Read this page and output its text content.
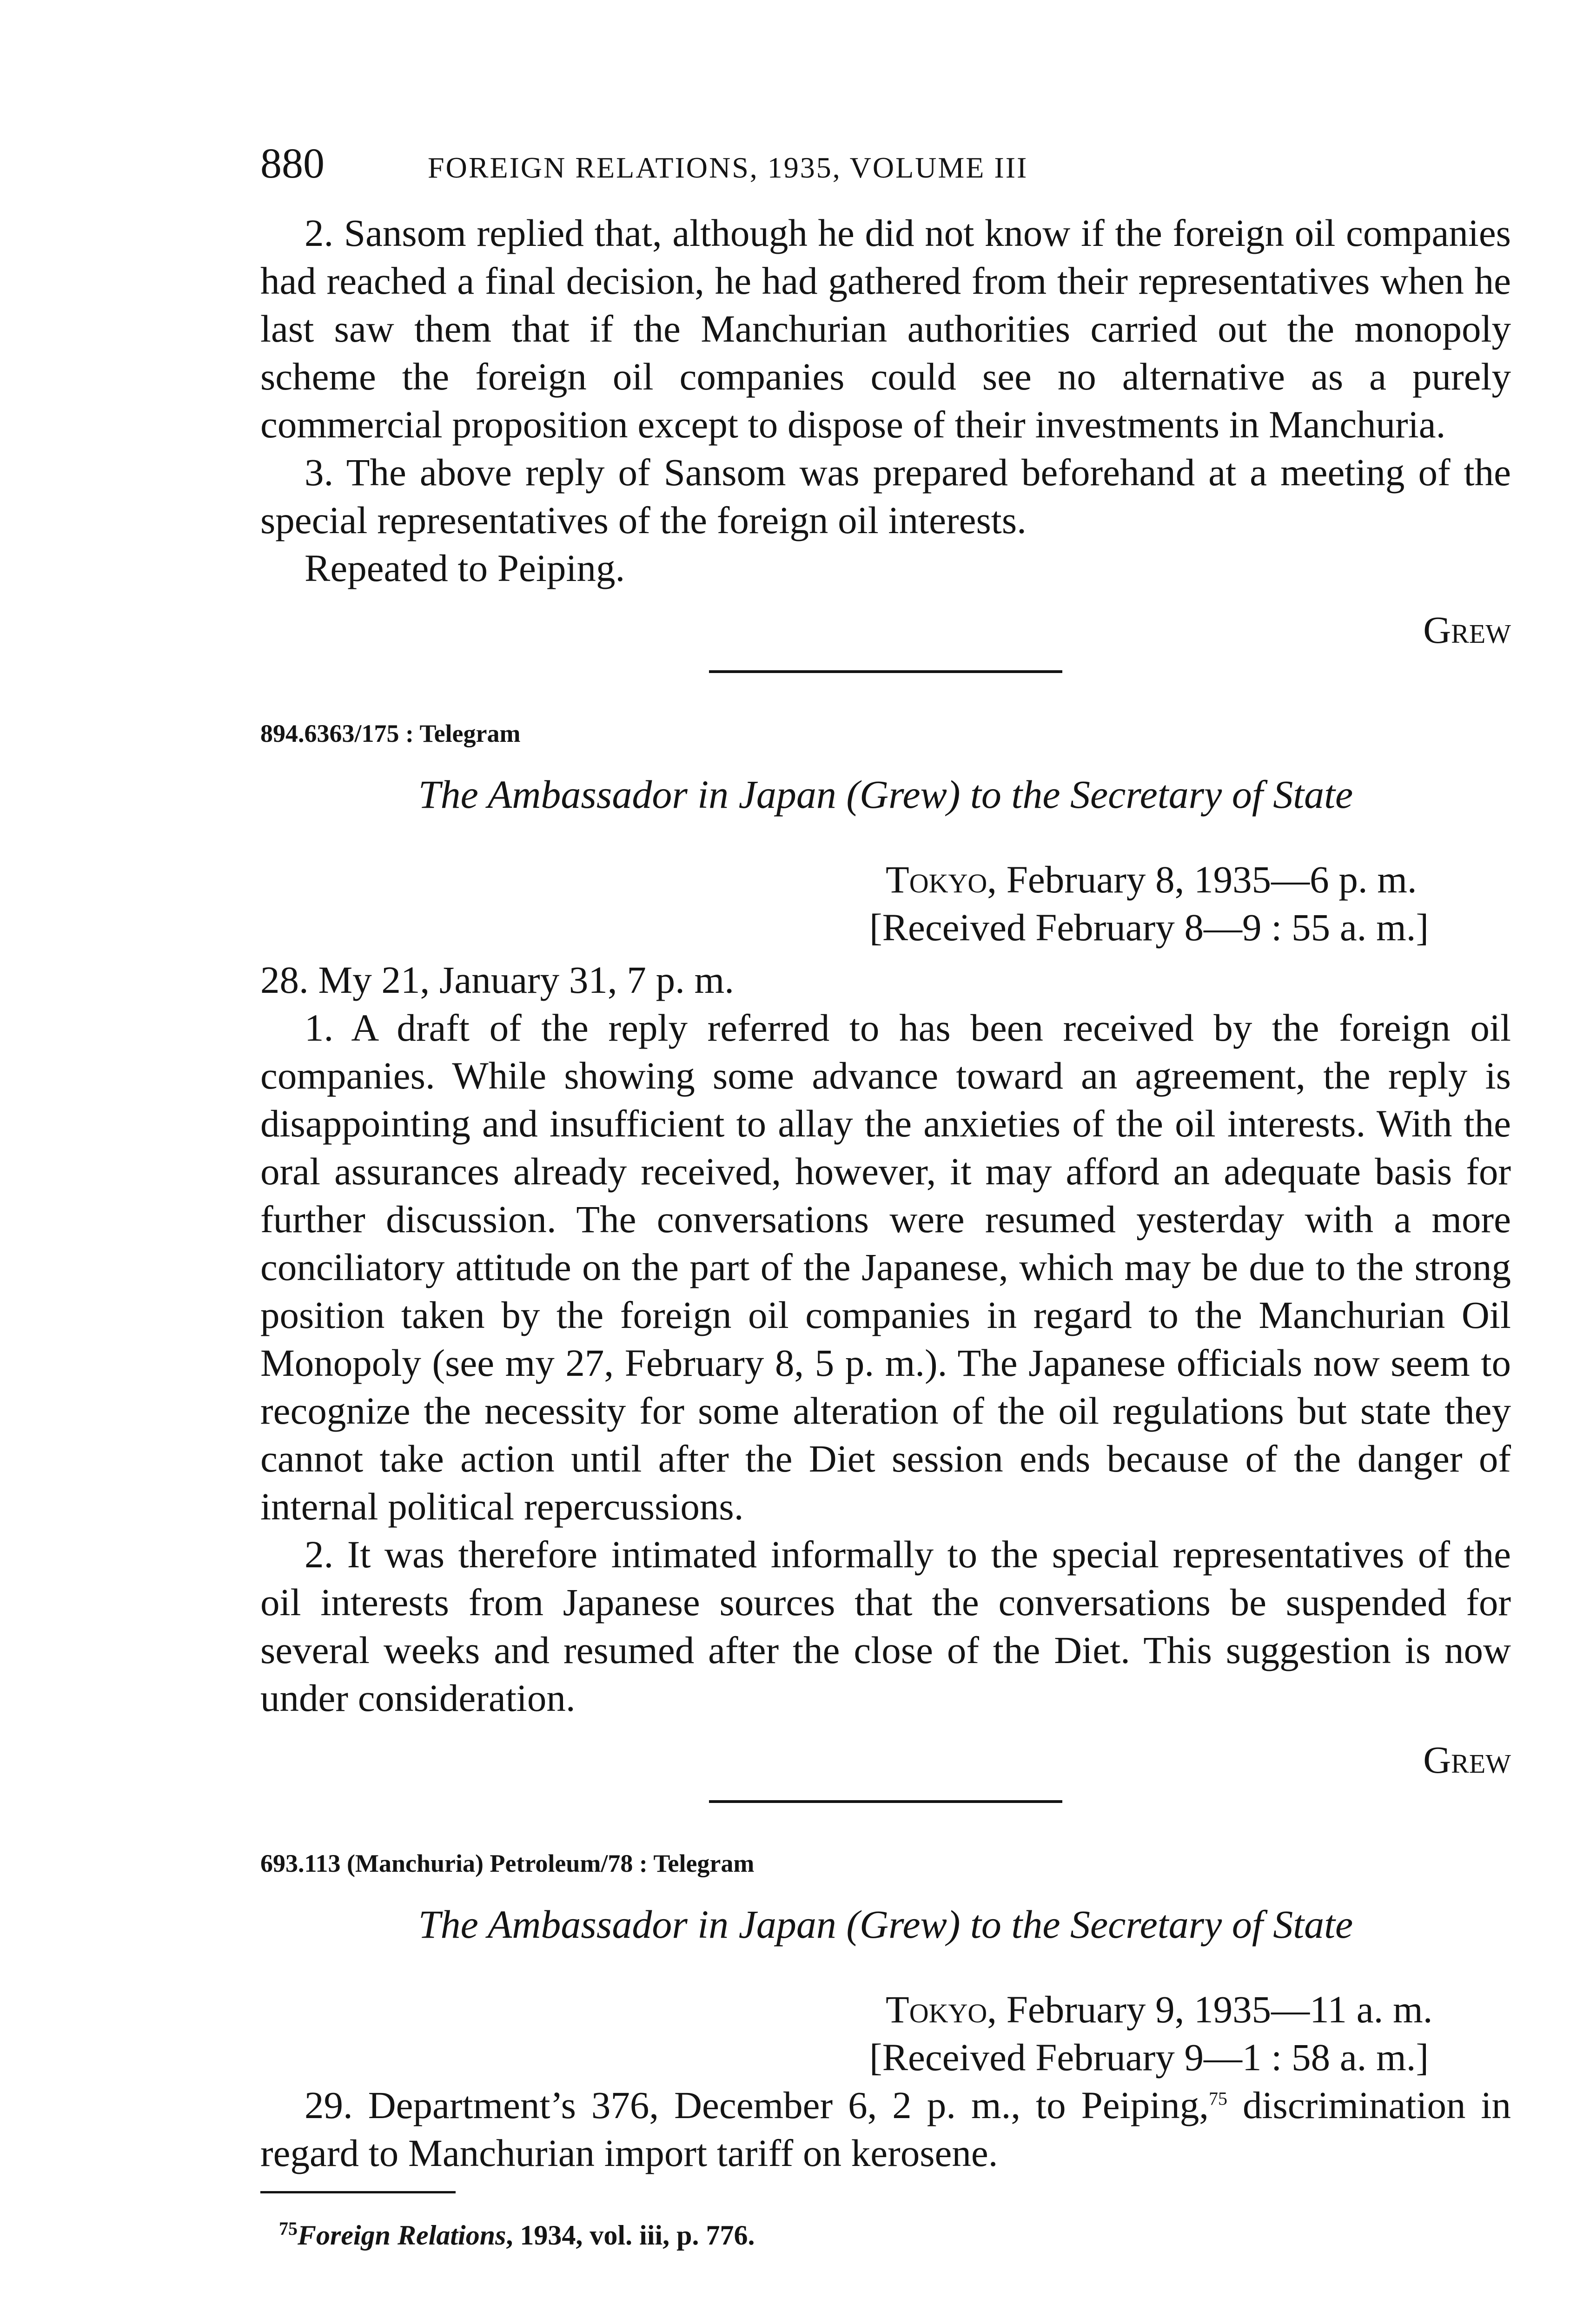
880	FOREIGN RELATIONS, 1935, VOLUME III

2. Sansom replied that, although he did not know if the foreign oil companies had reached a final decision, he had gathered from their representatives when he last saw them that if the Manchurian authorities carried out the monopoly scheme the foreign oil companies could see no alternative as a purely commercial proposition except to dispose of their investments in Manchuria.

3. The above reply of Sansom was prepared beforehand at a meeting of the special representatives of the foreign oil interests.

Repeated to Peiping.

Grew
894.6363/175 : Telegram
The Ambassador in Japan (Grew) to the Secretary of State
Tokyo, February 8, 1935—6 p. m.
[Received February 8—9 : 55 a. m.]

28. My 21, January 31, 7 p. m.

1. A draft of the reply referred to has been received by the foreign oil companies. While showing some advance toward an agreement, the reply is disappointing and insufficient to allay the anxieties of the oil interests. With the oral assurances already received, however, it may afford an adequate basis for further discussion. The conversations were resumed yesterday with a more conciliatory attitude on the part of the Japanese, which may be due to the strong position taken by the foreign oil companies in regard to the Manchurian Oil Monopoly (see my 27, February 8, 5 p. m.). The Japanese officials now seem to recognize the necessity for some alteration of the oil regulations but state they cannot take action until after the Diet session ends because of the danger of internal political repercussions.

2. It was therefore intimated informally to the special representatives of the oil interests from Japanese sources that the conversations be suspended for several weeks and resumed after the close of the Diet. This suggestion is now under consideration.

Grew
693.113 (Manchuria) Petroleum/78 : Telegram
The Ambassador in Japan (Grew) to the Secretary of State
Tokyo, February 9, 1935—11 a. m.
[Received February 9—1 : 58 a. m.]

29. Department’s 376, December 6, 2 p. m., to Peiping,$^{75}$ discrimination in regard to Manchurian import tariff on kerosene.

$^{75}$Foreign Relations, 1934, vol. iii, p. 776.
